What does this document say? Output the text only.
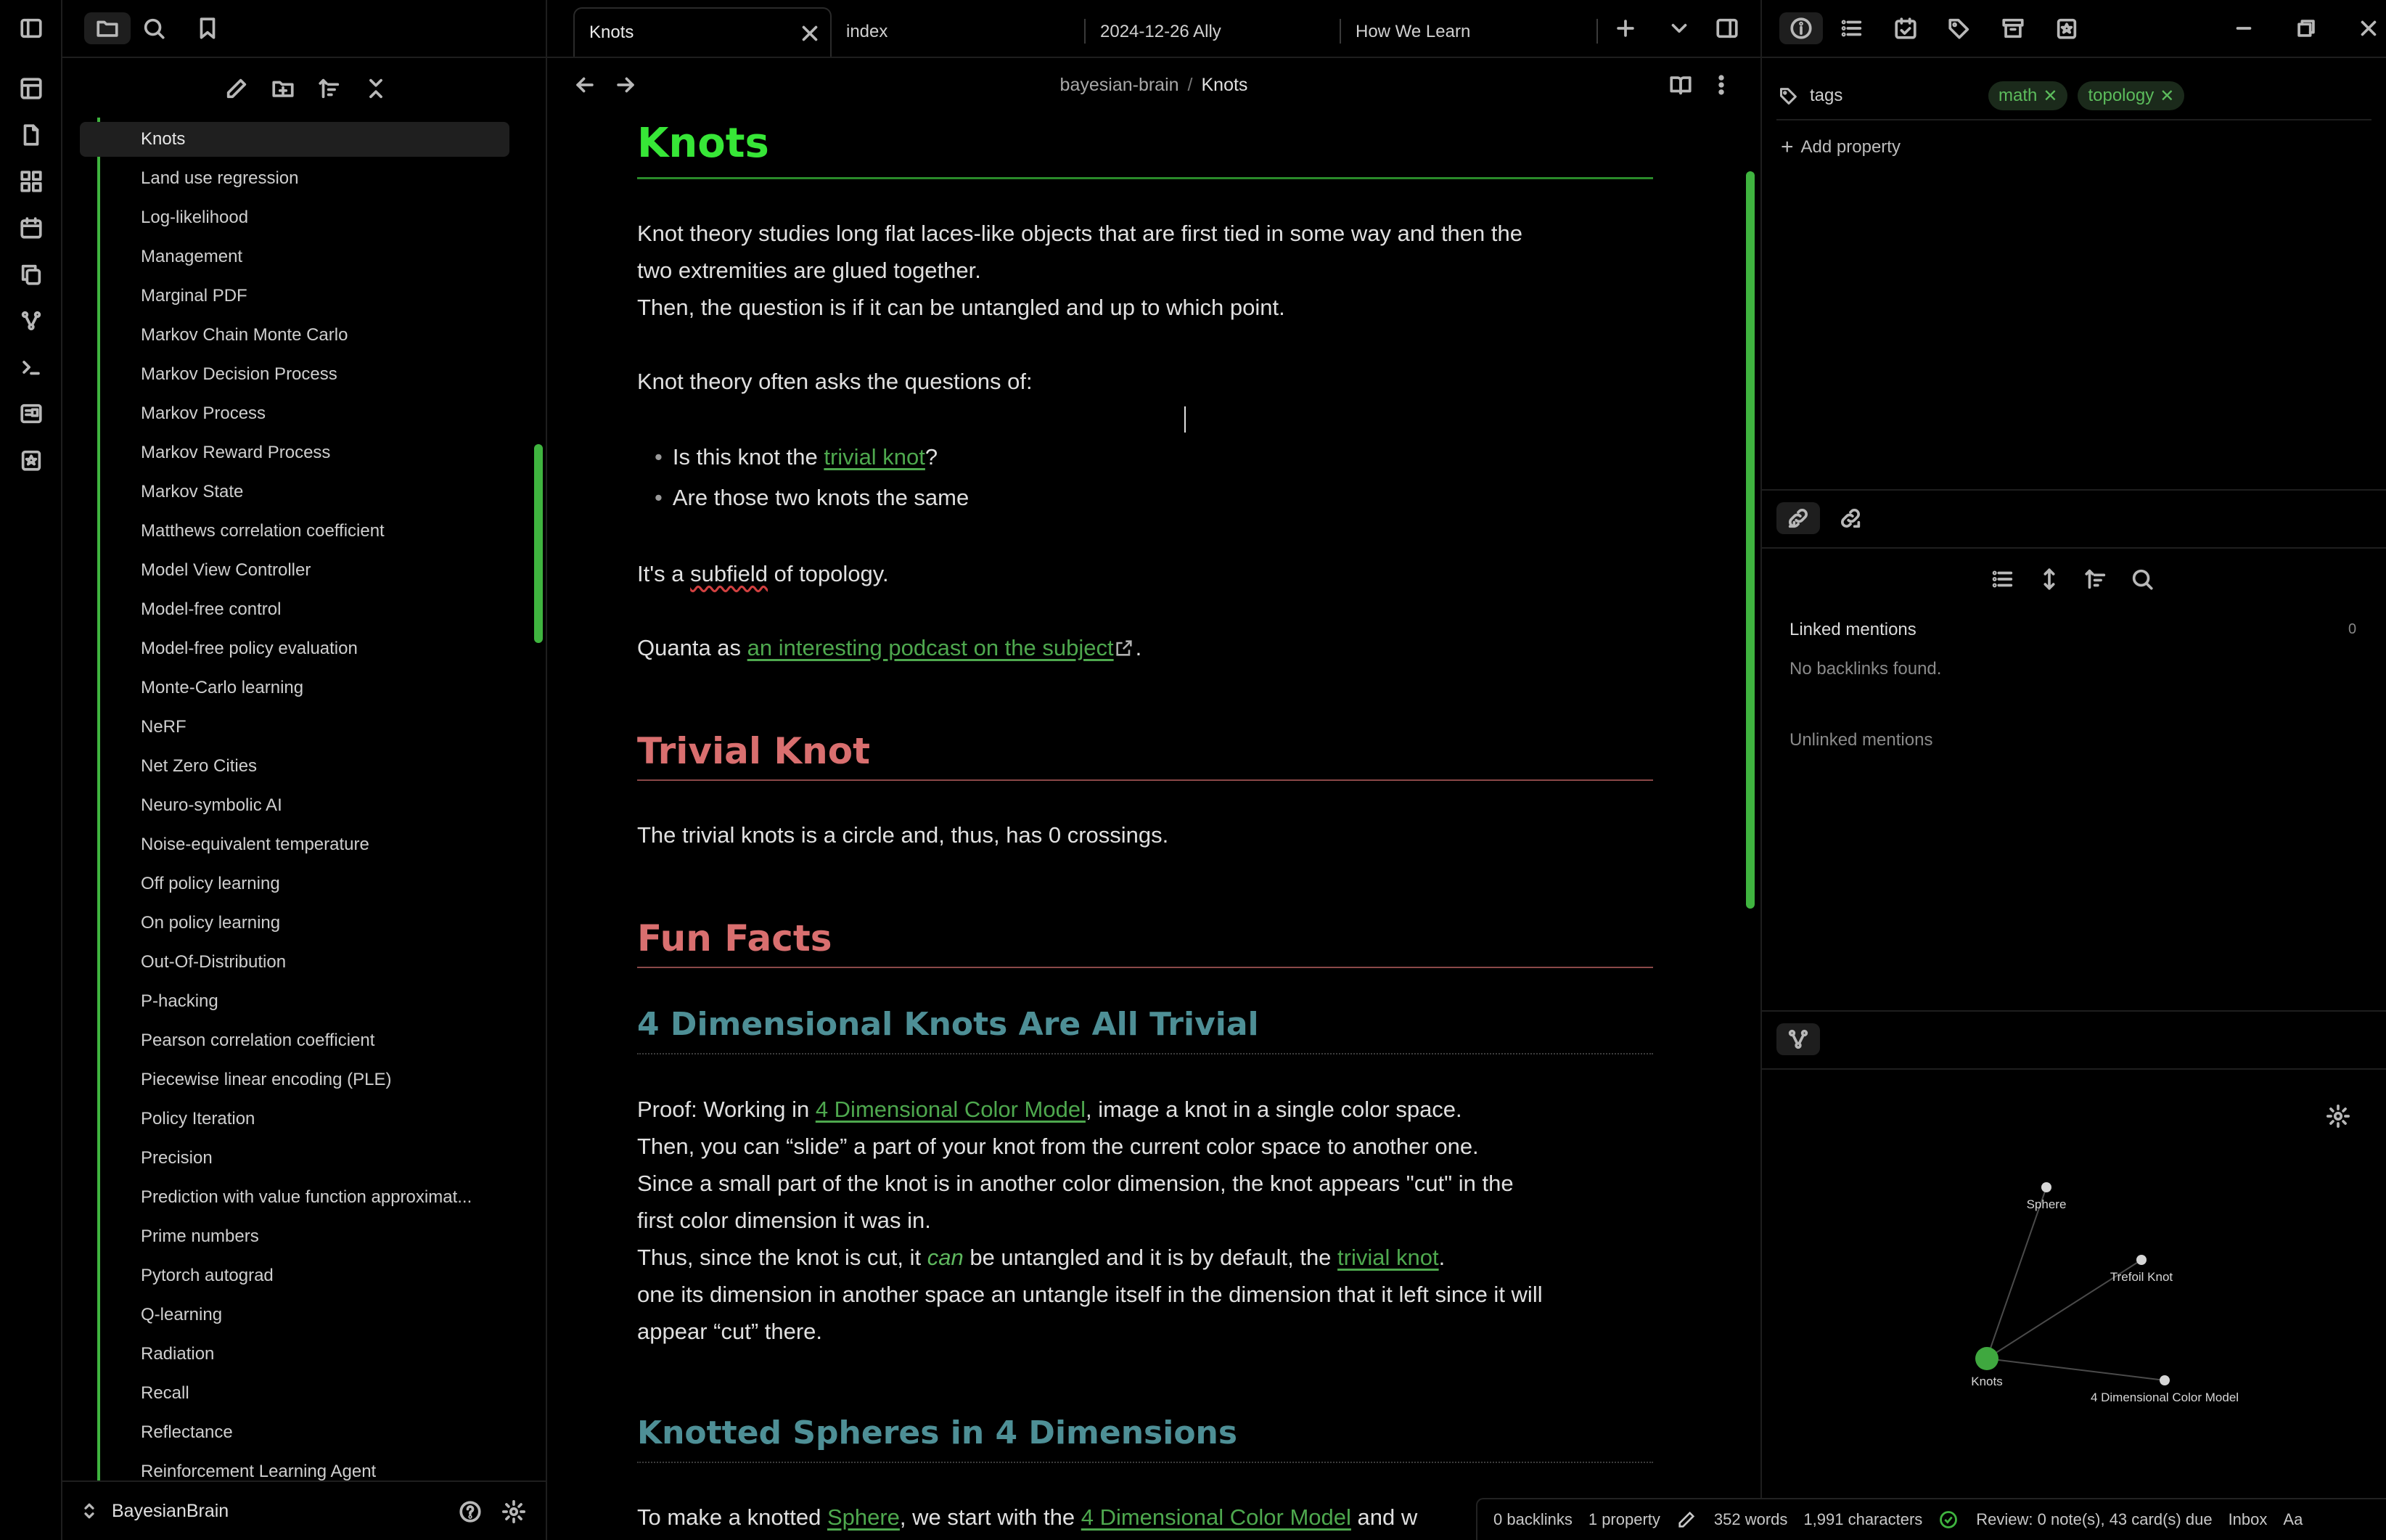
Knots
Land use regression
Log-likelihood
Management
Marginal PDF
Markov Chain Monte Carlo
Markov Decision Process
Markov Process
Markov Reward Process
Markov State
Matthews correlation coefficient
Model View Controller
Model-free control
Model-free policy evaluation
Monte-Carlo learning
NeRF
Net Zero Cities
Neuro-symbolic AI
Noise-equivalent temperature
Off policy learning
On policy learning
Out-Of-Distribution
P-hacking
Pearson correlation coefficient
Piecewise linear encoding (PLE)
Policy Iteration
Precision
Prediction with value function approximat...
Prime numbers
Pytorch autograd
Q-learning
Radiation
Recall
Reflectance
Reinforcement Learning Agent
BayesianBrain
Knots	index	2024-12-26 Ally	How We Learn
bayesian-brain / Knots
Knots
Knot theory studies long flat laces-like objects that are first tied in some way and then the
two extremities are glued together.
Then, the question is if it can be untangled and up to which point.
Knot theory often asks the questions of:
• Is this knot the trivial knot?
• Are those two knots the same
It's a subfield of topology.
Quanta as an interesting podcast on the subject .
Trivial Knot
The trivial knots is a circle and, thus, has 0 crossings.
Fun Facts
4 Dimensional Knots Are All Trivial
Proof: Working in 4 Dimensional Color Model, image a knot in a single color space.
Then, you can “slide” a part of your knot from the current color space to another one.
Since a small part of the knot is in another color dimension, the knot appears "cut" in the
first color dimension it was in.
Thus, since the knot is cut, it can be untangled and it is by default, the trivial knot.
one its dimension in another space an untangle itself in the dimension that it left since it will
appear “cut” there.
Knotted Spheres in 4 Dimensions
To make a knotted Sphere, we start with the 4 Dimensional Color Model and w
tags	math ✕ topology ✕
+ Add property
Linked mentions	0
No backlinks found.
Unlinked mentions
Knots
Sphere
Trefoil Knot
4 Dimensional Color Model
0 backlinks 1 property	352 words 1,991 characters	Review: 0 note(s), 43 card(s) due Inbox Aa
